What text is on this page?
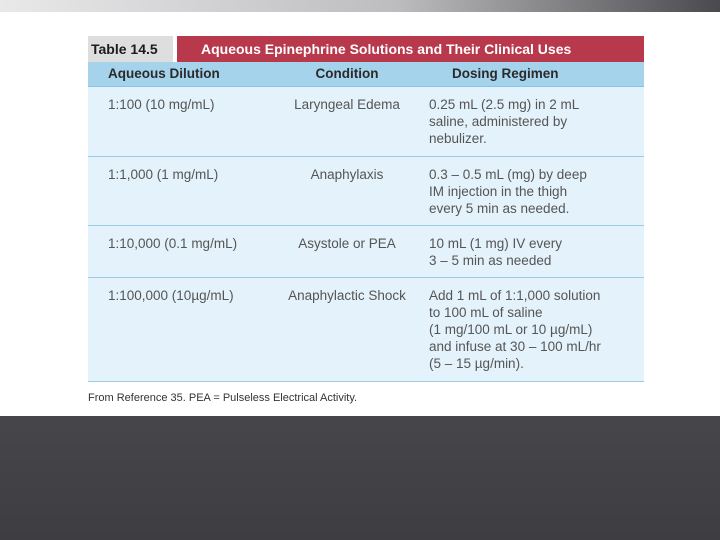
Table 14.5	Aqueous Epinephrine Solutions and Their Clinical Uses
Aqueous Dilution	Condition	Dosing Regimen
1:100 (10 mg/mL)	Laryngeal Edema	0.25 mL (2.5 mg) in 2 mL
saline, administered by
nebulizer.
1:1,000 (1 mg/mL)	Anaphylaxis	0.3 – 0.5 mL (mg) by deep
IM injection in the thigh
every 5 min as needed.
1:10,000 (0.1 mg/mL)	Asystole or PEA	10 mL (1 mg) IV every
3 – 5 min as needed
1:100,000 (10µg/mL)	Anaphylactic Shock	Add 1 mL of 1:1,000 solution
to 100 mL of saline
(1 mg/100 mL or 10 µg/mL)
and infuse at 30 – 100 mL/hr
(5 – 15 µg/min).
From Reference 35. PEA = Pulseless Electrical Activity.
